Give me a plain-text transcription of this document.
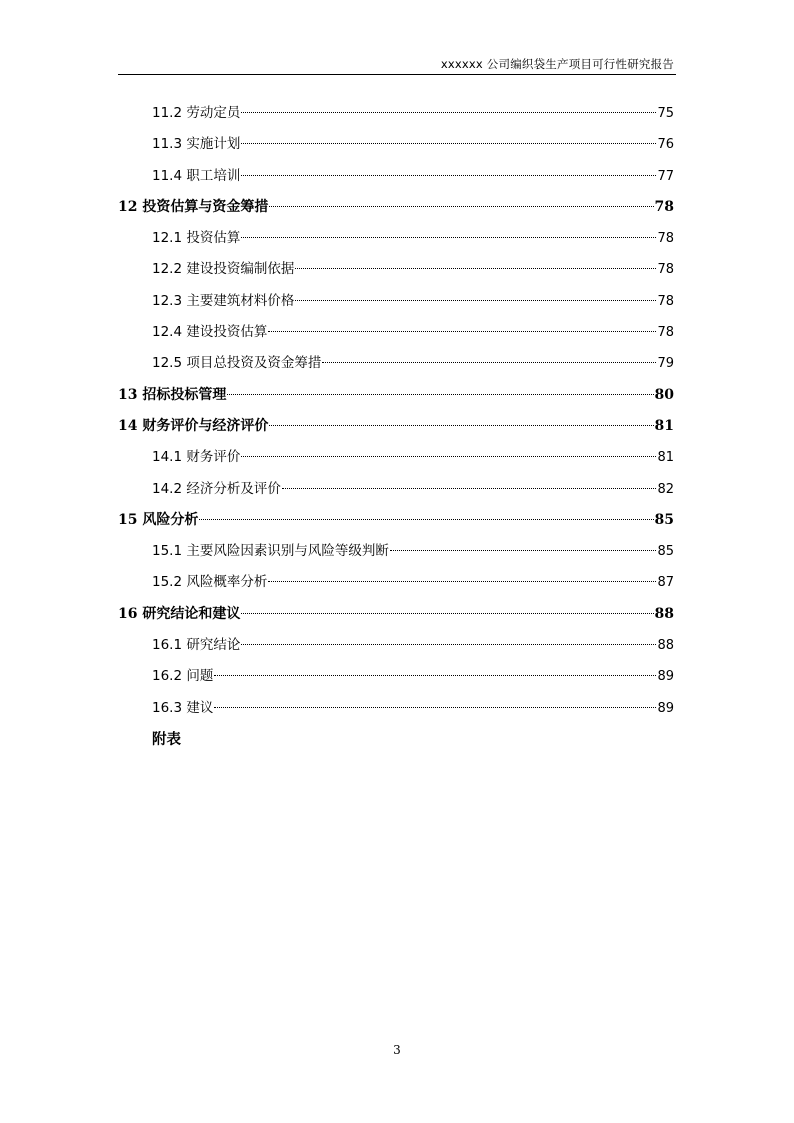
xxxxxx 公司编织袋生产项目可行性研究报告
11.2 劳动定员	75
11.3 实施计划	76
11.4 职工培训	77
12 投资估算与资金筹措	78
12.1 投资估算	78
12.2 建设投资编制依据	78
12.3 主要建筑材料价格	78
12.4 建设投资估算	78
12.5 项目总投资及资金筹措	79
13 招标投标管理	80
14 财务评价与经济评价	81
14.1 财务评价	81
14.2 经济分析及评价	82
15 风险分析	85
15.1 主要风险因素识别与风险等级判断	85
15.2 风险概率分析	87
16 研究结论和建议	88
16.1 研究结论	88
16.2 问题	89
16.3 建议	89
附表
3
